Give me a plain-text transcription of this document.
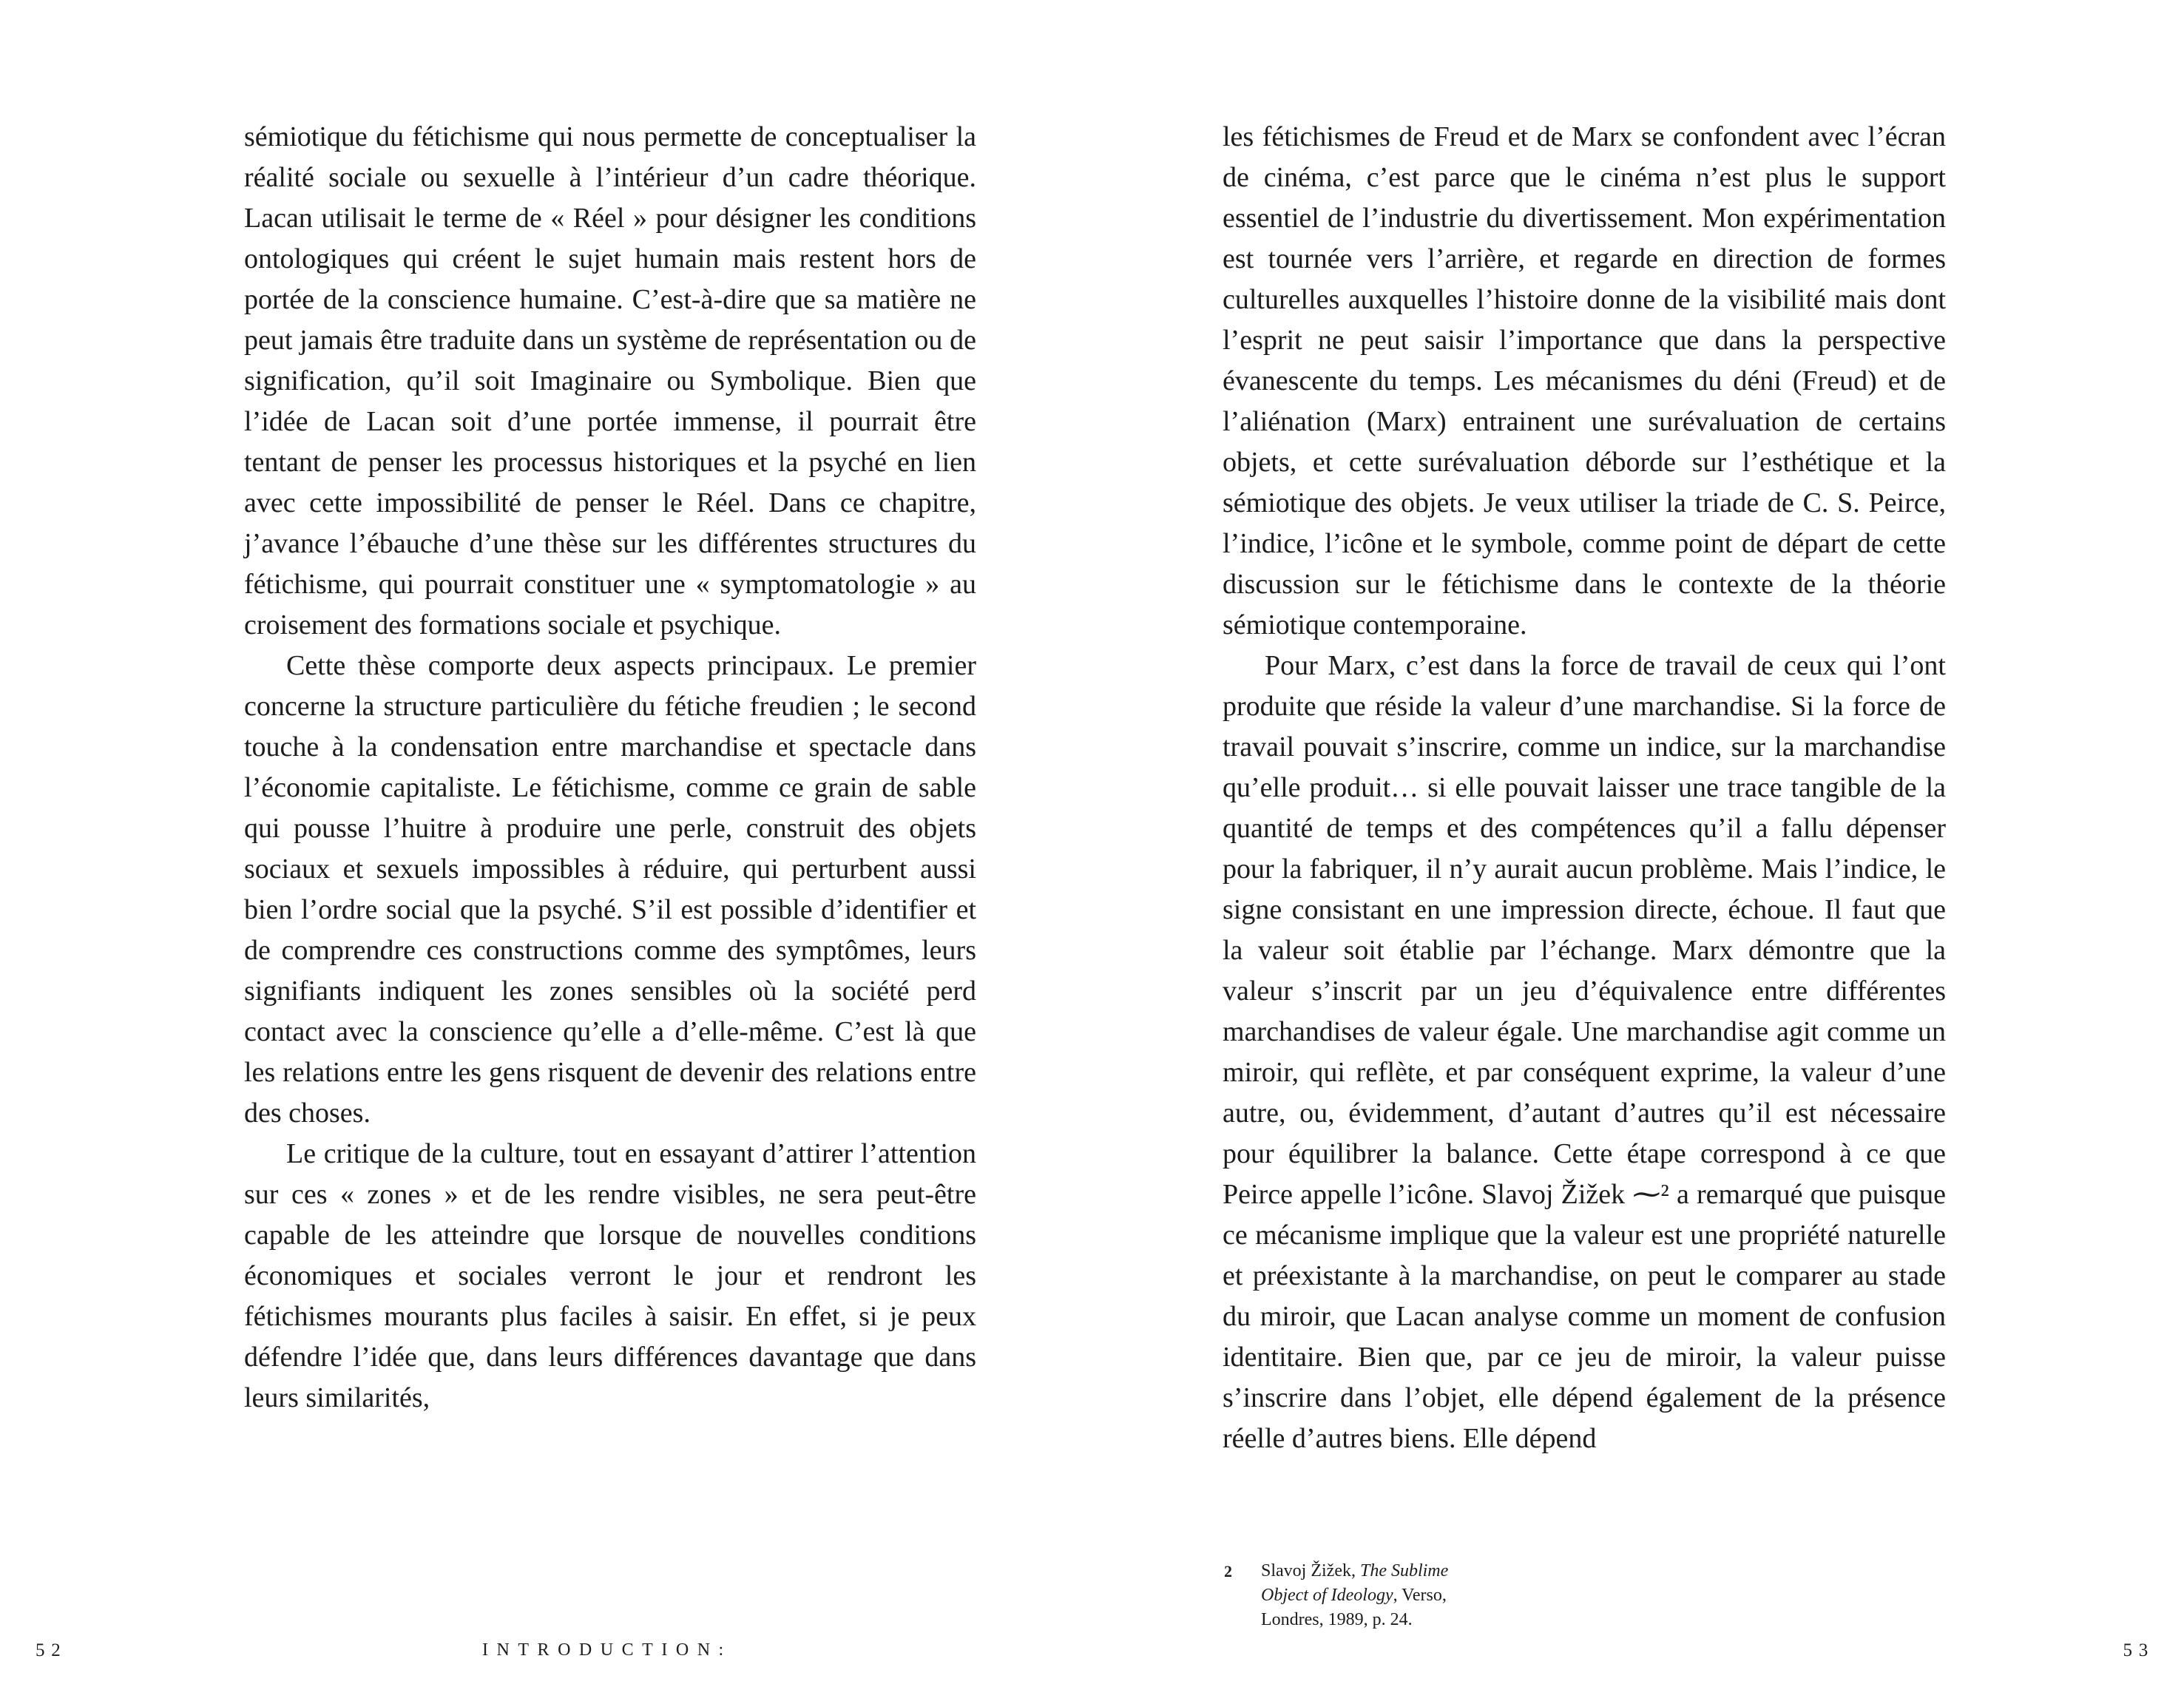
sémiotique du fétichisme qui nous permette de conceptualiser la réalité sociale ou sexuelle à l’intérieur d’un cadre théorique. Lacan utilisait le terme de « Réel » pour désigner les conditions ontologiques qui créent le sujet humain mais restent hors de portée de la conscience humaine. C’est-à-dire que sa matière ne peut jamais être traduite dans un système de représentation ou de signification, qu’il soit Imaginaire ou Symbolique. Bien que l’idée de Lacan soit d’une portée immense, il pourrait être tentant de penser les processus historiques et la psyché en lien avec cette impossibilité de penser le Réel. Dans ce chapitre, j’avance l’ébauche d’une thèse sur les différentes structures du fétichisme, qui pourrait constituer une « symptomatologie » au croisement des formations sociale et psychique.

Cette thèse comporte deux aspects principaux. Le premier concerne la structure particulière du fétiche freudien ; le second touche à la condensation entre marchandise et spectacle dans l’économie capitaliste. Le fétichisme, comme ce grain de sable qui pousse l’huitre à produire une perle, construit des objets sociaux et sexuels impossibles à réduire, qui perturbent aussi bien l’ordre social que la psyché. S’il est possible d’identifier et de comprendre ces constructions comme des symptômes, leurs signifiants indiquent les zones sensibles où la société perd contact avec la conscience qu’elle a d’elle-même. C’est là que les relations entre les gens risquent de devenir des relations entre des choses.

Le critique de la culture, tout en essayant d’attirer l’attention sur ces « zones » et de les rendre visibles, ne sera peut-être capable de les atteindre que lorsque de nouvelles conditions économiques et sociales verront le jour et rendront les fétichismes mourants plus faciles à saisir. En effet, si je peux défendre l’idée que, dans leurs différences davantage que dans leurs similarités,

les fétichismes de Freud et de Marx se confondent avec l’écran de cinéma, c’est parce que le cinéma n’est plus le support essentiel de l’industrie du divertissement. Mon expérimentation est tournée vers l’arrière, et regarde en direction de formes culturelles auxquelles l’histoire donne de la visibilité mais dont l’esprit ne peut saisir l’importance que dans la perspective évanescente du temps. Les mécanismes du déni (Freud) et de l’aliénation (Marx) entrainent une surévaluation de certains objets, et cette surévaluation déborde sur l’esthétique et la sémiotique des objets. Je veux utiliser la triade de C. S. Peirce, l’indice, l’icône et le symbole, comme point de départ de cette discussion sur le fétichisme dans le contexte de la théorie sémiotique contemporaine.

Pour Marx, c’est dans la force de travail de ceux qui l’ont produite que réside la valeur d’une marchandise. Si la force de travail pouvait s’inscrire, comme un indice, sur la marchandise qu’elle produit… si elle pouvait laisser une trace tangible de la quantité de temps et des compétences qu’il a fallu dépenser pour la fabriquer, il n’y aurait aucun problème. Mais l’indice, le signe consistant en une impression directe, échoue. Il faut que la valeur soit établie par l’échange. Marx démontre que la valeur s’inscrit par un jeu d’équivalence entre différentes marchandises de valeur égale. Une marchandise agit comme un miroir, qui reflète, et par conséquent exprime, la valeur d’une autre, ou, évidemment, d’autant d’autres qu’il est nécessaire pour équilibrer la balance. Cette étape correspond à ce que Peirce appelle l’icône. Slavoj Žižek ⁓² a remarqué que puisque ce mécanisme implique que la valeur est une propriété naturelle et préexistante à la marchandise, on peut le comparer au stade du miroir, que Lacan analyse comme un moment de confusion identitaire. Bien que, par ce jeu de miroir, la valeur puisse s’inscrire dans l’objet, elle dépend également de la présence réelle d’autres biens. Elle dépend

2	Slavoj Žižek, The Sublime Object of Ideology, Verso, Londres, 1989, p. 24.
52	INTRODUCTION:	53
